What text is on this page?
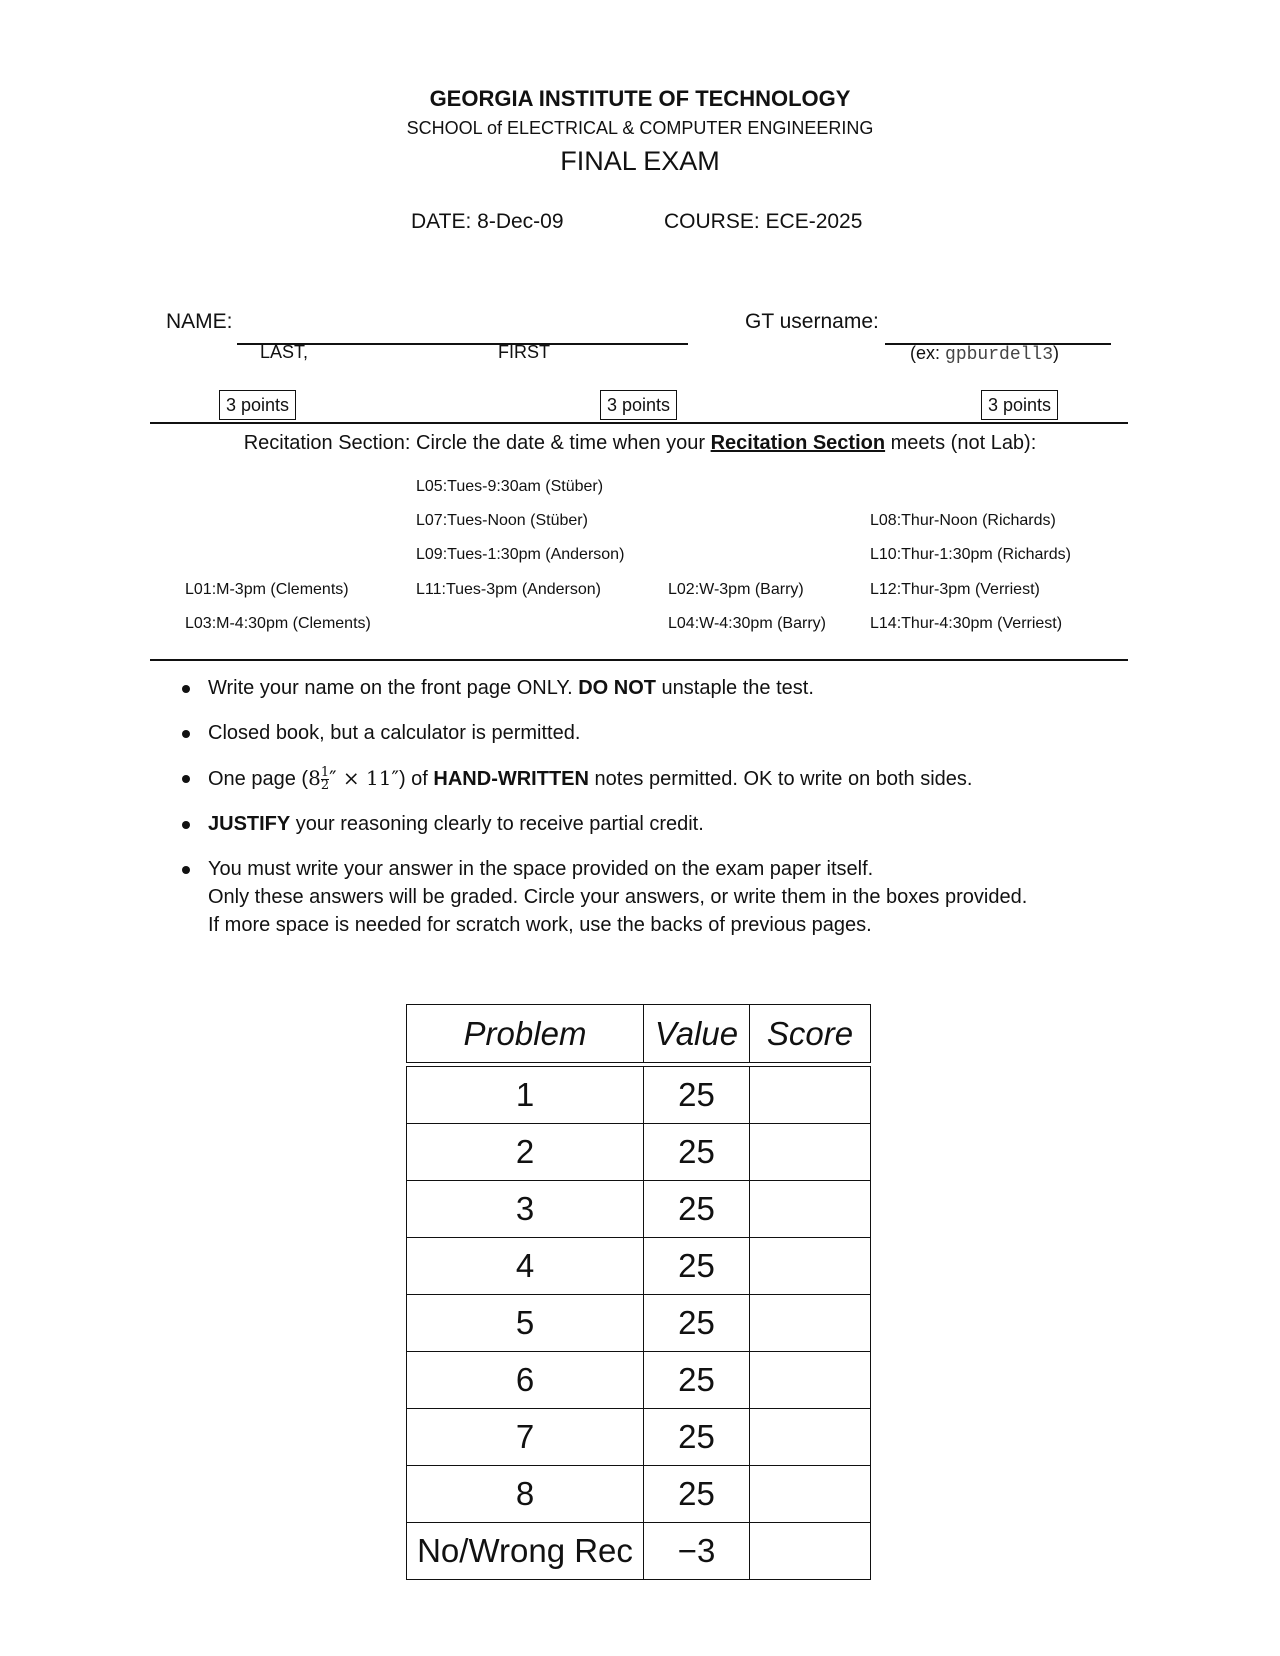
GEORGIA INSTITUTE OF TECHNOLOGY
SCHOOL of ELECTRICAL & COMPUTER ENGINEERING
FINAL EXAM
DATE: 8-Dec-09	COURSE: ECE-2025
NAME:
LAST,	FIRST
GT username:
(ex: gpburdell3)
3 points	3 points	3 points
Recitation Section: Circle the date & time when your Recitation Section meets (not Lab):
L05:Tues-9:30am (Stüber)
L07:Tues-Noon (Stüber)
L09:Tues-1:30pm (Anderson)
L11:Tues-3pm (Anderson)
L08:Thur-Noon (Richards)
L10:Thur-1:30pm (Richards)
L12:Thur-3pm (Verriest)
L14:Thur-4:30pm (Verriest)
L01:M-3pm (Clements)
L03:M-4:30pm (Clements)
L02:W-3pm (Barry)
L04:W-4:30pm (Barry)
Write your name on the front page ONLY. DO NOT unstaple the test.
Closed book, but a calculator is permitted.
One page ($8 \frac{1}{2}$ ″ × 11″) of HAND-WRITTEN notes permitted. OK to write on both sides.
JUSTIFY your reasoning clearly to receive partial credit.
You must write your answer in the space provided on the exam paper itself.
Only these answers will be graded. Circle your answers, or write them in the boxes provided.
If more space is needed for scratch work, use the backs of previous pages.
Problem	Value	Score

1	25	
2	25	
3	25	
4	25	
5	25	
6	25	
7	25	
8	25	
No/Wrong Rec	−3	
